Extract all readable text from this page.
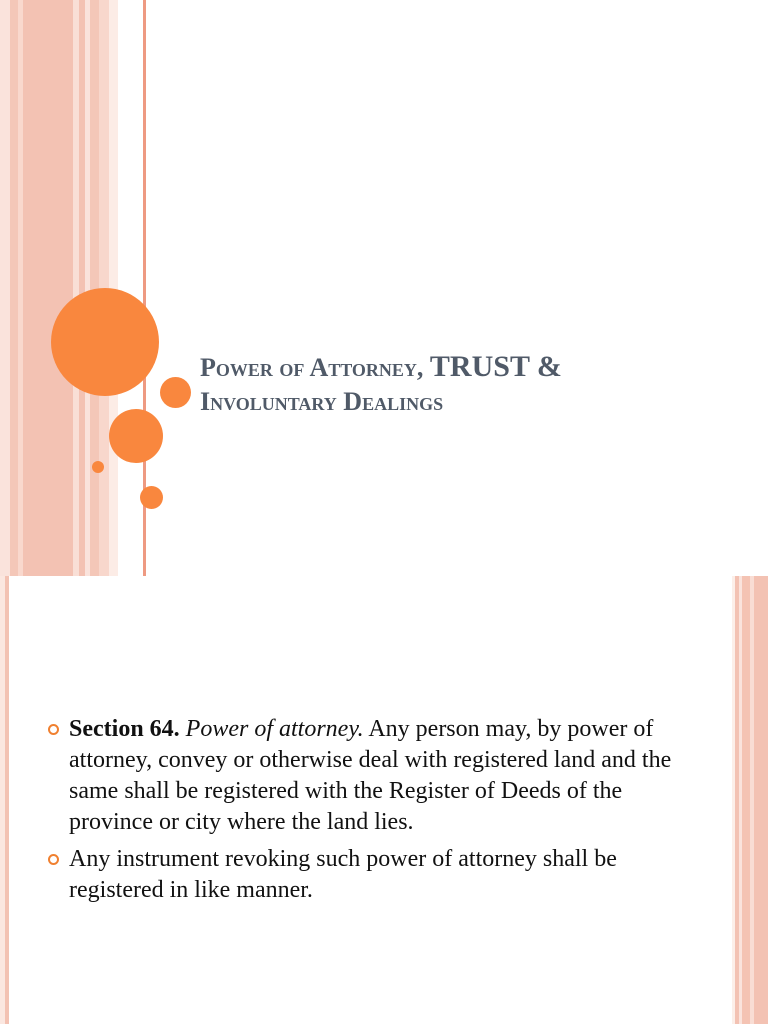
Power of Attorney, TRUST &
Involuntary Dealings
Section 64. Power of attorney. Any person may, by power of attorney, convey or otherwise deal with registered land and the same shall be registered with the Register of Deeds of the province or city where the land lies.
Any instrument revoking such power of attorney shall be registered in like manner.
